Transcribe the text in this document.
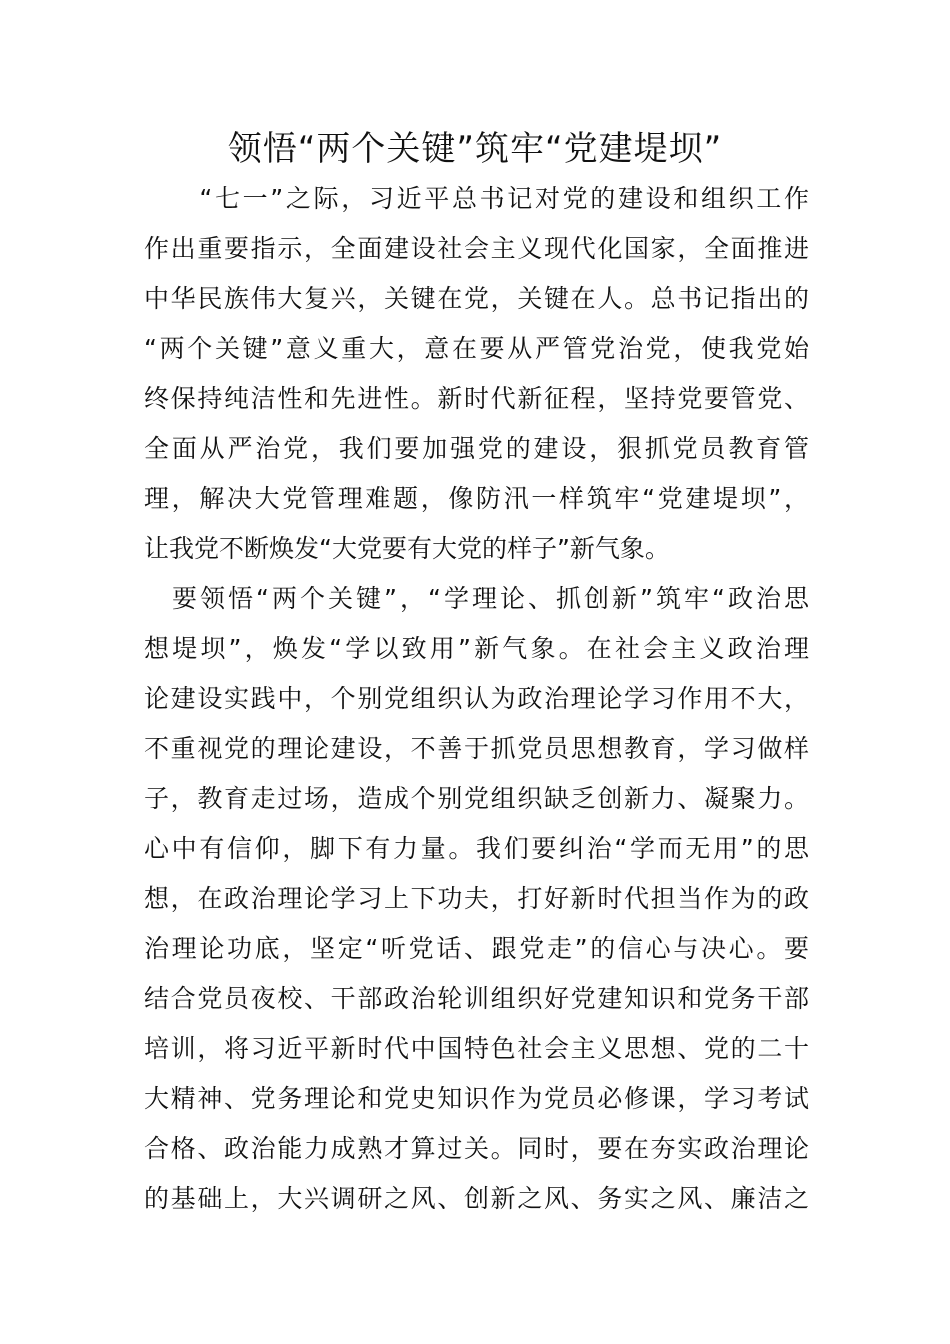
领悟“两个关键”筑牢“党建堤坝”
　　“七一”之际，习近平总书记对党的建设和组织工作
作出重要指示，全面建设社会主义现代化国家，全面推进
中华民族伟大复兴，关键在党，关键在人。总书记指出的
“两个关键”意义重大，意在要从严管党治党，使我党始
终保持纯洁性和先进性。新时代新征程，坚持党要管党、
全面从严治党，我们要加强党的建设，狠抓党员教育管
理，解决大党管理难题，像防汛一样筑牢“党建堤坝”，
让我党不断焕发“大党要有大党的样子”新气象。
　要领悟“两个关键”，“学理论、抓创新”筑牢“政治思
想堤坝”，焕发“学以致用”新气象。在社会主义政治理
论建设实践中，个别党组织认为政治理论学习作用不大，
不重视党的理论建设，不善于抓党员思想教育，学习做样
子，教育走过场，造成个别党组织缺乏创新力、凝聚力。
心中有信仰，脚下有力量。我们要纠治“学而无用”的思
想，在政治理论学习上下功夫，打好新时代担当作为的政
治理论功底，坚定“听党话、跟党走”的信心与决心。要
结合党员夜校、干部政治轮训组织好党建知识和党务干部
培训，将习近平新时代中国特色社会主义思想、党的二十
大精神、党务理论和党史知识作为党员必修课，学习考试
合格、政治能力成熟才算过关。同时，要在夯实政治理论
的基础上，大兴调研之风、创新之风、务实之风、廉洁之
